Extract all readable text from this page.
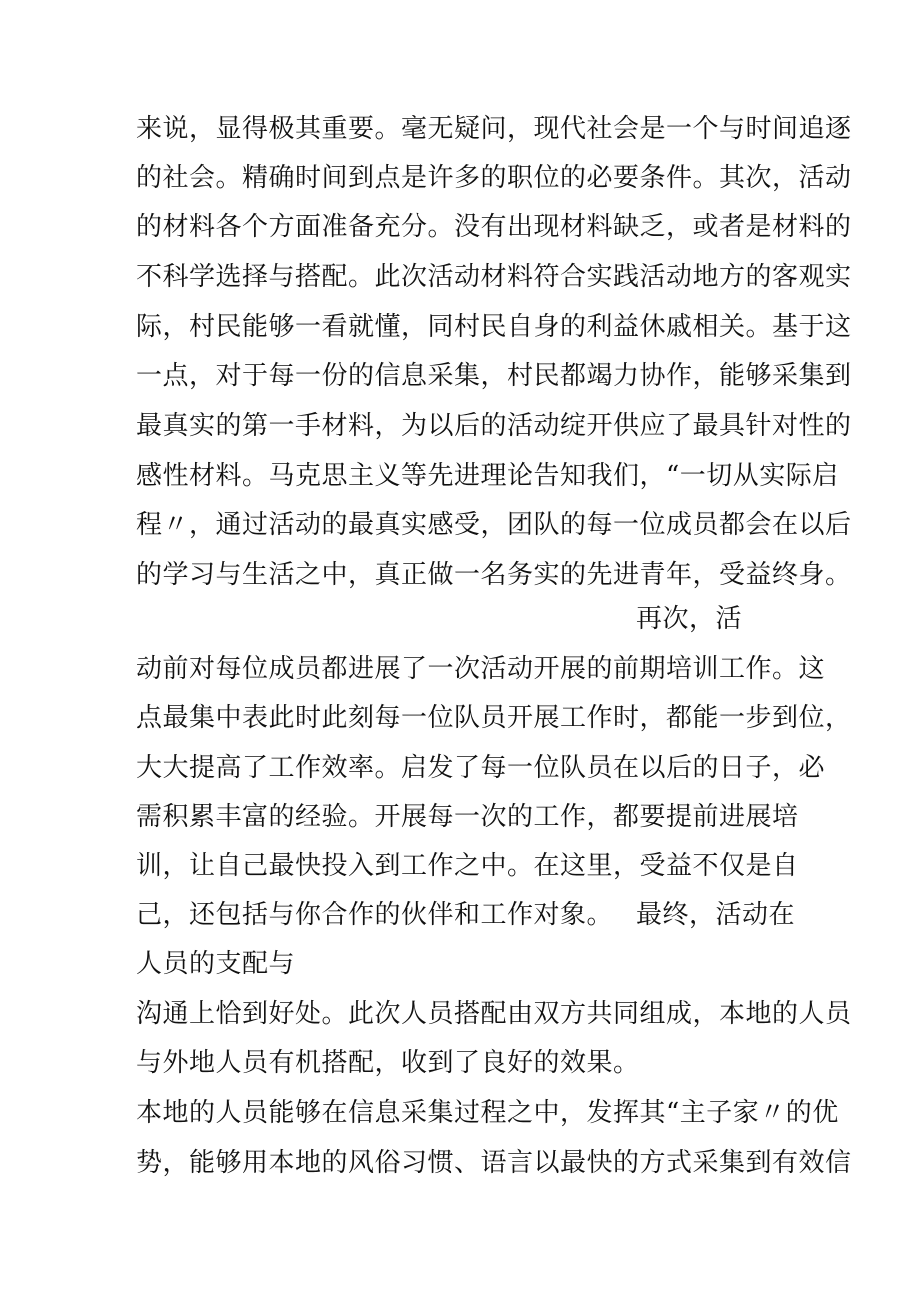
来说，显得极其重要。毫无疑问，现代社会是一个与时间追逐
的社会。精确时间到点是许多的职位的必要条件。其次，活动
的材料各个方面准备充分。没有出现材料缺乏，或者是材料的
不科学选择与搭配。此次活动材料符合实践活动地方的客观实
际，村民能够一看就懂，同村民自身的利益休戚相关。基于这
一点，对于每一份的信息采集，村民都竭力协作，能够采集到
最真实的第一手材料，为以后的活动绽开供应了最具针对性的
感性材料。马克思主义等先进理论告知我们，“一切从实际启
程〃，通过活动的最真实感受，团队的每一位成员都会在以后
的学习与生活之中，真正做一名务实的先进青年，受益终身。
再次，活
动前对每位成员都进展了一次活动开展的前期培训工作。这
点最集中表此时此刻每一位队员开展工作时，都能一步到位，
大大提高了工作效率。启发了每一位队员在以后的日子，必
需积累丰富的经验。开展每一次的工作，都要提前进展培
训，让自己最快投入到工作之中。在这里，受益不仅是自
己，还包括与你合作的伙伴和工作对象。 最终，活动在
人员的支配与
沟通上恰到好处。此次人员搭配由双方共同组成，本地的人员
与外地人员有机搭配，收到了良好的效果。
本地的人员能够在信息采集过程之中，发挥其“主子家〃的优
势，能够用本地的风俗习惯、语言以最快的方式采集到有效信
